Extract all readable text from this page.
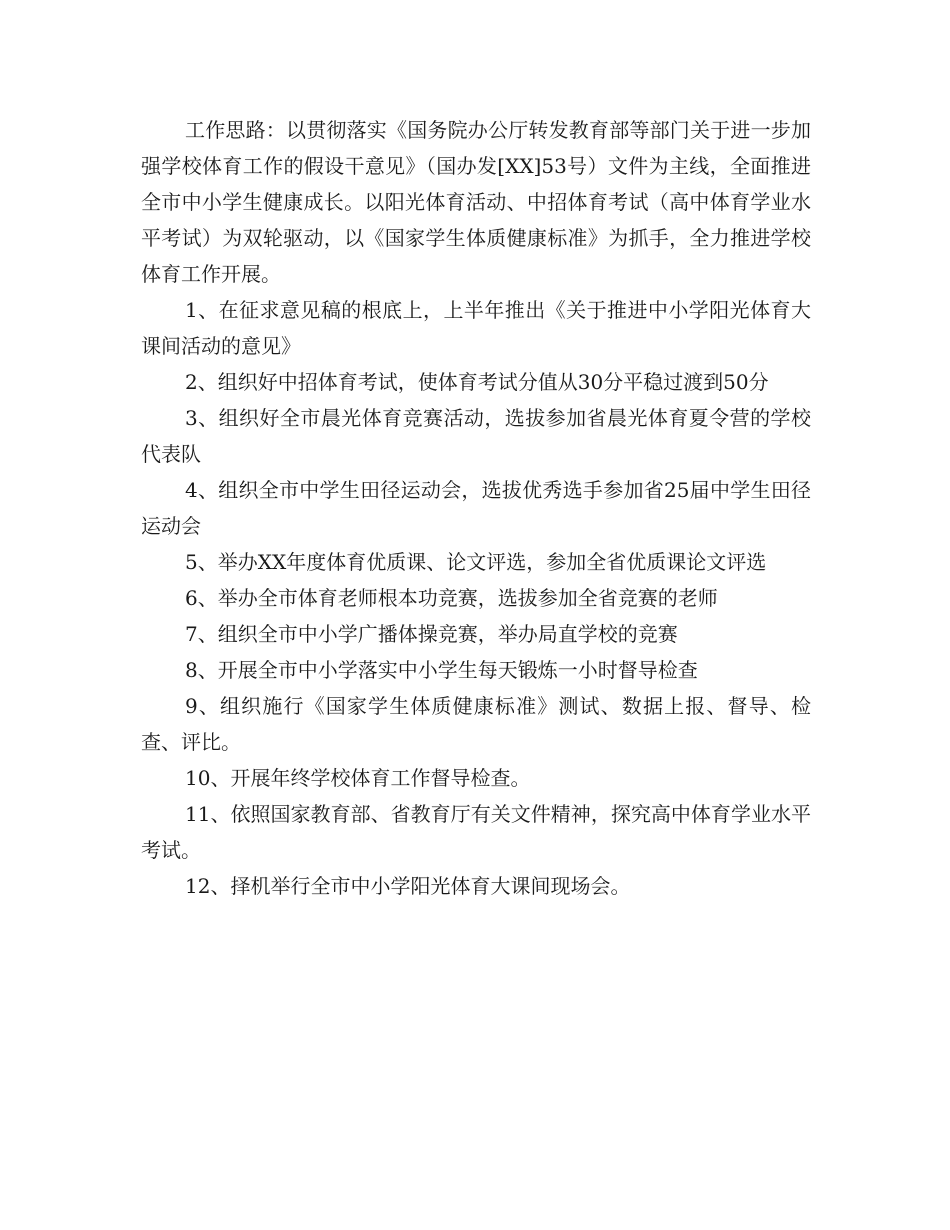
工作思路：以贯彻落实《国务院办公厅转发教育部等部门关于进一步加强学校体育工作的假设干意见》（国办发[XX]53号）文件为主线，全面推进全市中小学生健康成长。以阳光体育活动、中招体育考试（高中体育学业水平考试）为双轮驱动，以《国家学生体质健康标准》为抓手，全力推进学校体育工作开展。

1、在征求意见稿的根底上，上半年推出《关于推进中小学阳光体育大课间活动的意见》

2、组织好中招体育考试，使体育考试分值从30分平稳过渡到50分

3、组织好全市晨光体育竞赛活动，选拔参加省晨光体育夏令营的学校代表队

4、组织全市中学生田径运动会，选拔优秀选手参加省25届中学生田径运动会

5、举办XX年度体育优质课、论文评选，参加全省优质课论文评选

6、举办全市体育老师根本功竞赛，选拔参加全省竞赛的老师

7、组织全市中小学广播体操竞赛，举办局直学校的竞赛

8、开展全市中小学落实中小学生每天锻炼一小时督导检查

9、组织施行《国家学生体质健康标准》测试、数据上报、督导、检查、评比。

10、开展年终学校体育工作督导检查。

11、依照国家教育部、省教育厅有关文件精神，探究高中体育学业水平考试。

12、择机举行全市中小学阳光体育大课间现场会。
